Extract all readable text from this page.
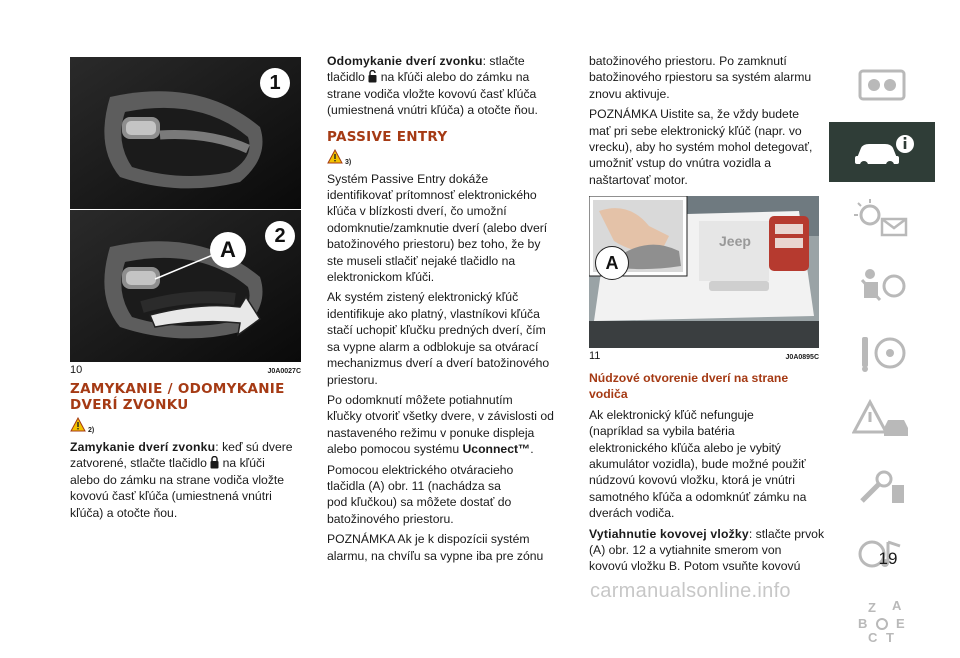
1
2
A
10	J0A0027C

ZAMYKANIE / ODOMYKANIE
DVERÍ ZVONKU

2)

Zamykanie dverí zvonku: keď sú dvere
zatvorené, stlačte tlačidlo na kľúči
alebo do zámku na strane vodiča vložte
kovovú časť kľúča (umiestnená vnútri
kľúča) a otočte ňou.

Odomykanie dverí zvonku: stlačte
tlačidlo na kľúči alebo do zámku na
strane vodiča vložte kovovú časť kľúča
(umiestnená vnútri kľúča) a otočte ňou.

PASSIVE ENTRY

3)

Systém Passive Entry dokáže
identifikovať prítomnosť elektronického
kľúča v blízkosti dverí, čo umožní
odomknutie/zamknutie dverí (alebo dverí
batožinového priestoru) bez toho, že by
ste museli stlačiť nejaké tlačidlo na
elektronickom kľúči.

Ak systém zistený elektronický kľúč
identifikuje ako platný, vlastníkovi kľúča
stačí uchopiť kľučku predných dverí, čím
sa vypne alarm a odblokuje sa otvárací
mechanizmus dverí a dverí batožinového
priestoru.

Po odomknutí môžete potiahnutím
kľučky otvoriť všetky dvere, v závislosti od
nastaveného režimu v ponuke displeja
alebo pomocou systému Uconnect™.

Pomocou elektrického otváracieho
tlačidla (A) obr. 11 (nachádza sa
pod kľučkou) sa môžete dostať do
batožinového priestoru.

POZNÁMKA Ak je k dispozícii systém
alarmu, na chvíľu sa vypne iba pre zónu

batožinového priestoru. Po zamknutí
batožinového rpiestoru sa systém alarmu
znovu aktivuje.

POZNÁMKA Uistite sa, že vždy budete
mať pri sebe elektronický kľúč (napr. vo
vrecku), aby ho systém mohol detegovať,
umožniť vstup do vnútra vozidla a
naštartovať motor.

Jeep
A
11	J0A0895C

Núdzové otvorenie dverí na strane vodiča

Ak elektronický kľúč nefunguje
(napríklad sa vybila batéria
elektronického kľúča alebo je vybitý
akumulátor vozidla), bude možné použiť
núdzovú kovovú vložku, ktorá je vnútri
samotného kľúča a odomknúť zámku na
dverách vodiča.

Vytiahnutie kovovej vložky: stlačte prvok
(A) obr. 12 a vytiahnite smerom von
kovovú vložku B. Potom vsuňte kovovú

Z A
B E
C T
19
carmanualsonline.info
